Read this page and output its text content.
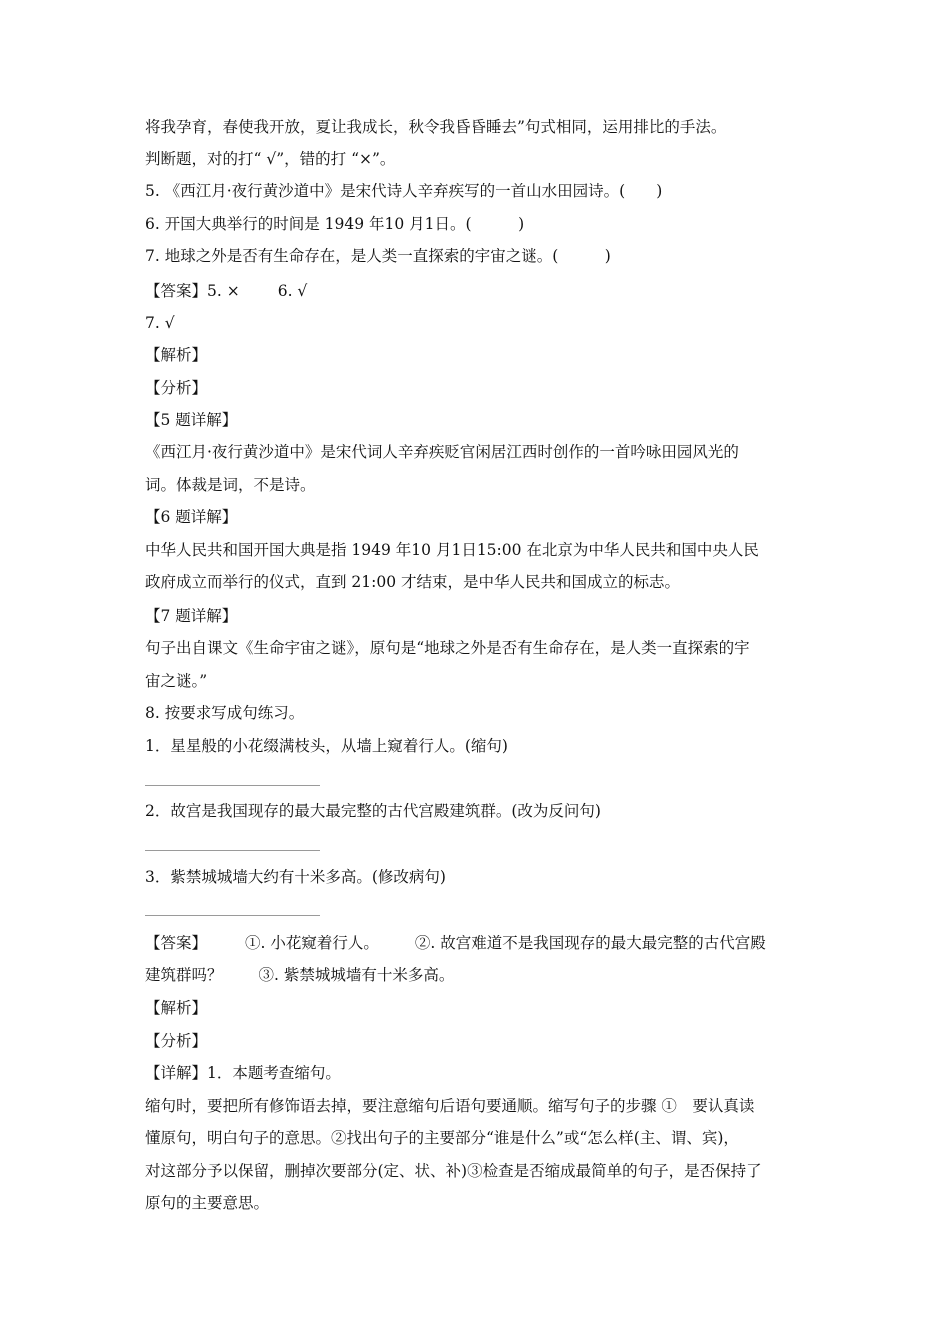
将我孕育，春使我开放，夏让我成长，秋令我昏昏睡去”句式相同，运用排比的手法。
判断题，对的打“ √”，错的打 “×”。
5. 《西江月·夜行黄沙道中》是宋代诗人辛弃疾写的一首山水田园诗。(　　)
6. 开国大典举行的时间是 1949 年10 月1日。(　　　)
7. 地球之外是否有生命存在，是人类一直探索的宇宙之谜。(　　　)
【答案】5. × 6. √
7. √
【解析】
【分析】
【5 题详解】
《西江月·夜行黄沙道中》是宋代词人辛弃疾贬官闲居江西时创作的一首吟咏田园风光的
词。体裁是词，不是诗。
【6 题详解】
中华人民共和国开国大典是指 1949 年10 月1日15:00 在北京为中华人民共和国中央人民
政府成立而举行的仪式，直到 21:00 才结束，是中华人民共和国成立的标志。
【7 题详解】
句子出自课文《生命宇宙之谜》，原句是“地球之外是否有生命存在，是人类一直探索的宇
宙之谜。”
8. 按要求写成句练习。
1．星星般的小花缀满枝头，从墙上窥着行人。(缩句)
2．故宫是我国现存的最大最完整的古代宫殿建筑群。(改为反问句)
3．紫禁城城墙大约有十米多高。(修改病句)
【答案】 ①. 小花窥着行人。 ②. 故宫难道不是我国现存的最大最完整的古代宫殿
建筑群吗？ ③. 紫禁城城墙有十米多高。
【解析】
【分析】
【详解】1．本题考查缩句。
缩句时，要把所有修饰语去掉，要注意缩句后语句要通顺。缩写句子的步骤 ①　要认真读
懂原句，明白句子的意思。②找出句子的主要部分“谁是什么”或“怎么样(主、谓、宾)，
对这部分予以保留，删掉次要部分(定、状、补)③检查是否缩成最简单的句子，是否保持了
原句的主要意思。
